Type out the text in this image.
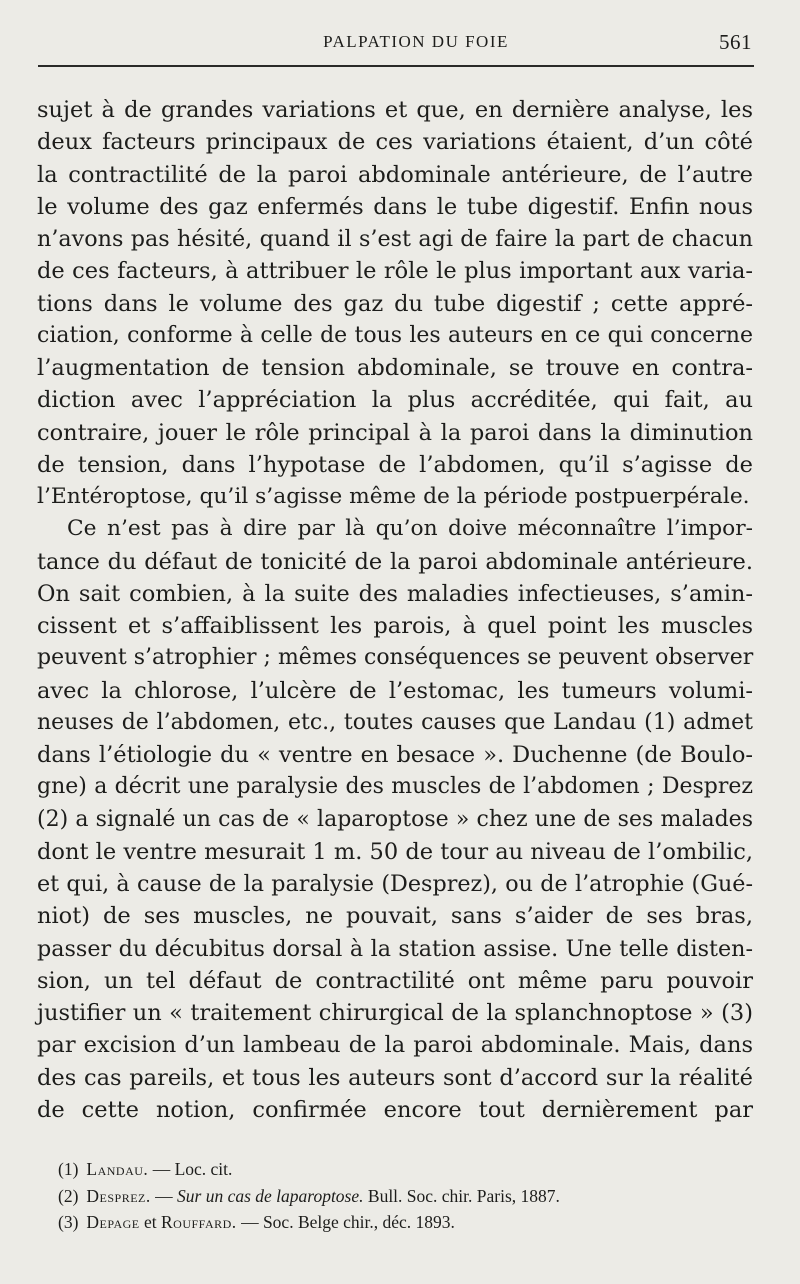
PALPATION DU FOIE	561
sujet à de grandes variations et que, en dernière analyse, les
deux facteurs principaux de ces variations étaient, d’un côté
la contractilité de la paroi abdominale antérieure, de l’autre
le volume des gaz enfermés dans le tube digestif. Enfin nous
n’avons pas hésité, quand il s’est agi de faire la part de chacun
de ces facteurs, à attribuer le rôle le plus important aux varia-
tions dans le volume des gaz du tube digestif ; cette appré-
ciation, conforme à celle de tous les auteurs en ce qui concerne
l’augmentation de tension abdominale, se trouve en contra-
diction avec l’appréciation la plus accréditée, qui fait, au
contraire, jouer le rôle principal à la paroi dans la diminution
de tension, dans l’hypotase de l’abdomen, qu’il s’agisse de
l’Entéroptose, qu’il s’agisse même de la période postpuerpérale.
Ce n’est pas à dire par là qu’on doive méconnaître l’impor-
tance du défaut de tonicité de la paroi abdominale antérieure.
On sait combien, à la suite des maladies infectieuses, s’amin-
cissent et s’affaiblissent les parois, à quel point les muscles
peuvent s’atrophier ; mêmes conséquences se peuvent observer
avec la chlorose, l’ulcère de l’estomac, les tumeurs volumi-
neuses de l’abdomen, etc., toutes causes que Landau (1) admet
dans l’étiologie du « ventre en besace ». Duchenne (de Boulo-
gne) a décrit une paralysie des muscles de l’abdomen ; Desprez
(2) a signalé un cas de « laparoptose » chez une de ses malades
dont le ventre mesurait 1 m. 50 de tour au niveau de l’ombilic,
et qui, à cause de la paralysie (Desprez), ou de l’atrophie (Gué-
niot) de ses muscles, ne pouvait, sans s’aider de ses bras,
passer du décubitus dorsal à la station assise. Une telle disten-
sion, un tel défaut de contractilité ont même paru pouvoir
justifier un « traitement chirurgical de la splanchnoptose » (3)
par excision d’un lambeau de la paroi abdominale. Mais, dans
des cas pareils, et tous les auteurs sont d’accord sur la réalité
de cette notion, confirmée encore tout dernièrement par
(1) Landau. — Loc. cit.
(2) Desprez. — Sur un cas de laparoptose. Bull. Soc. chir. Paris, 1887.
(3) Depage et Rouffard. — Soc. Belge chir., déc. 1893.
